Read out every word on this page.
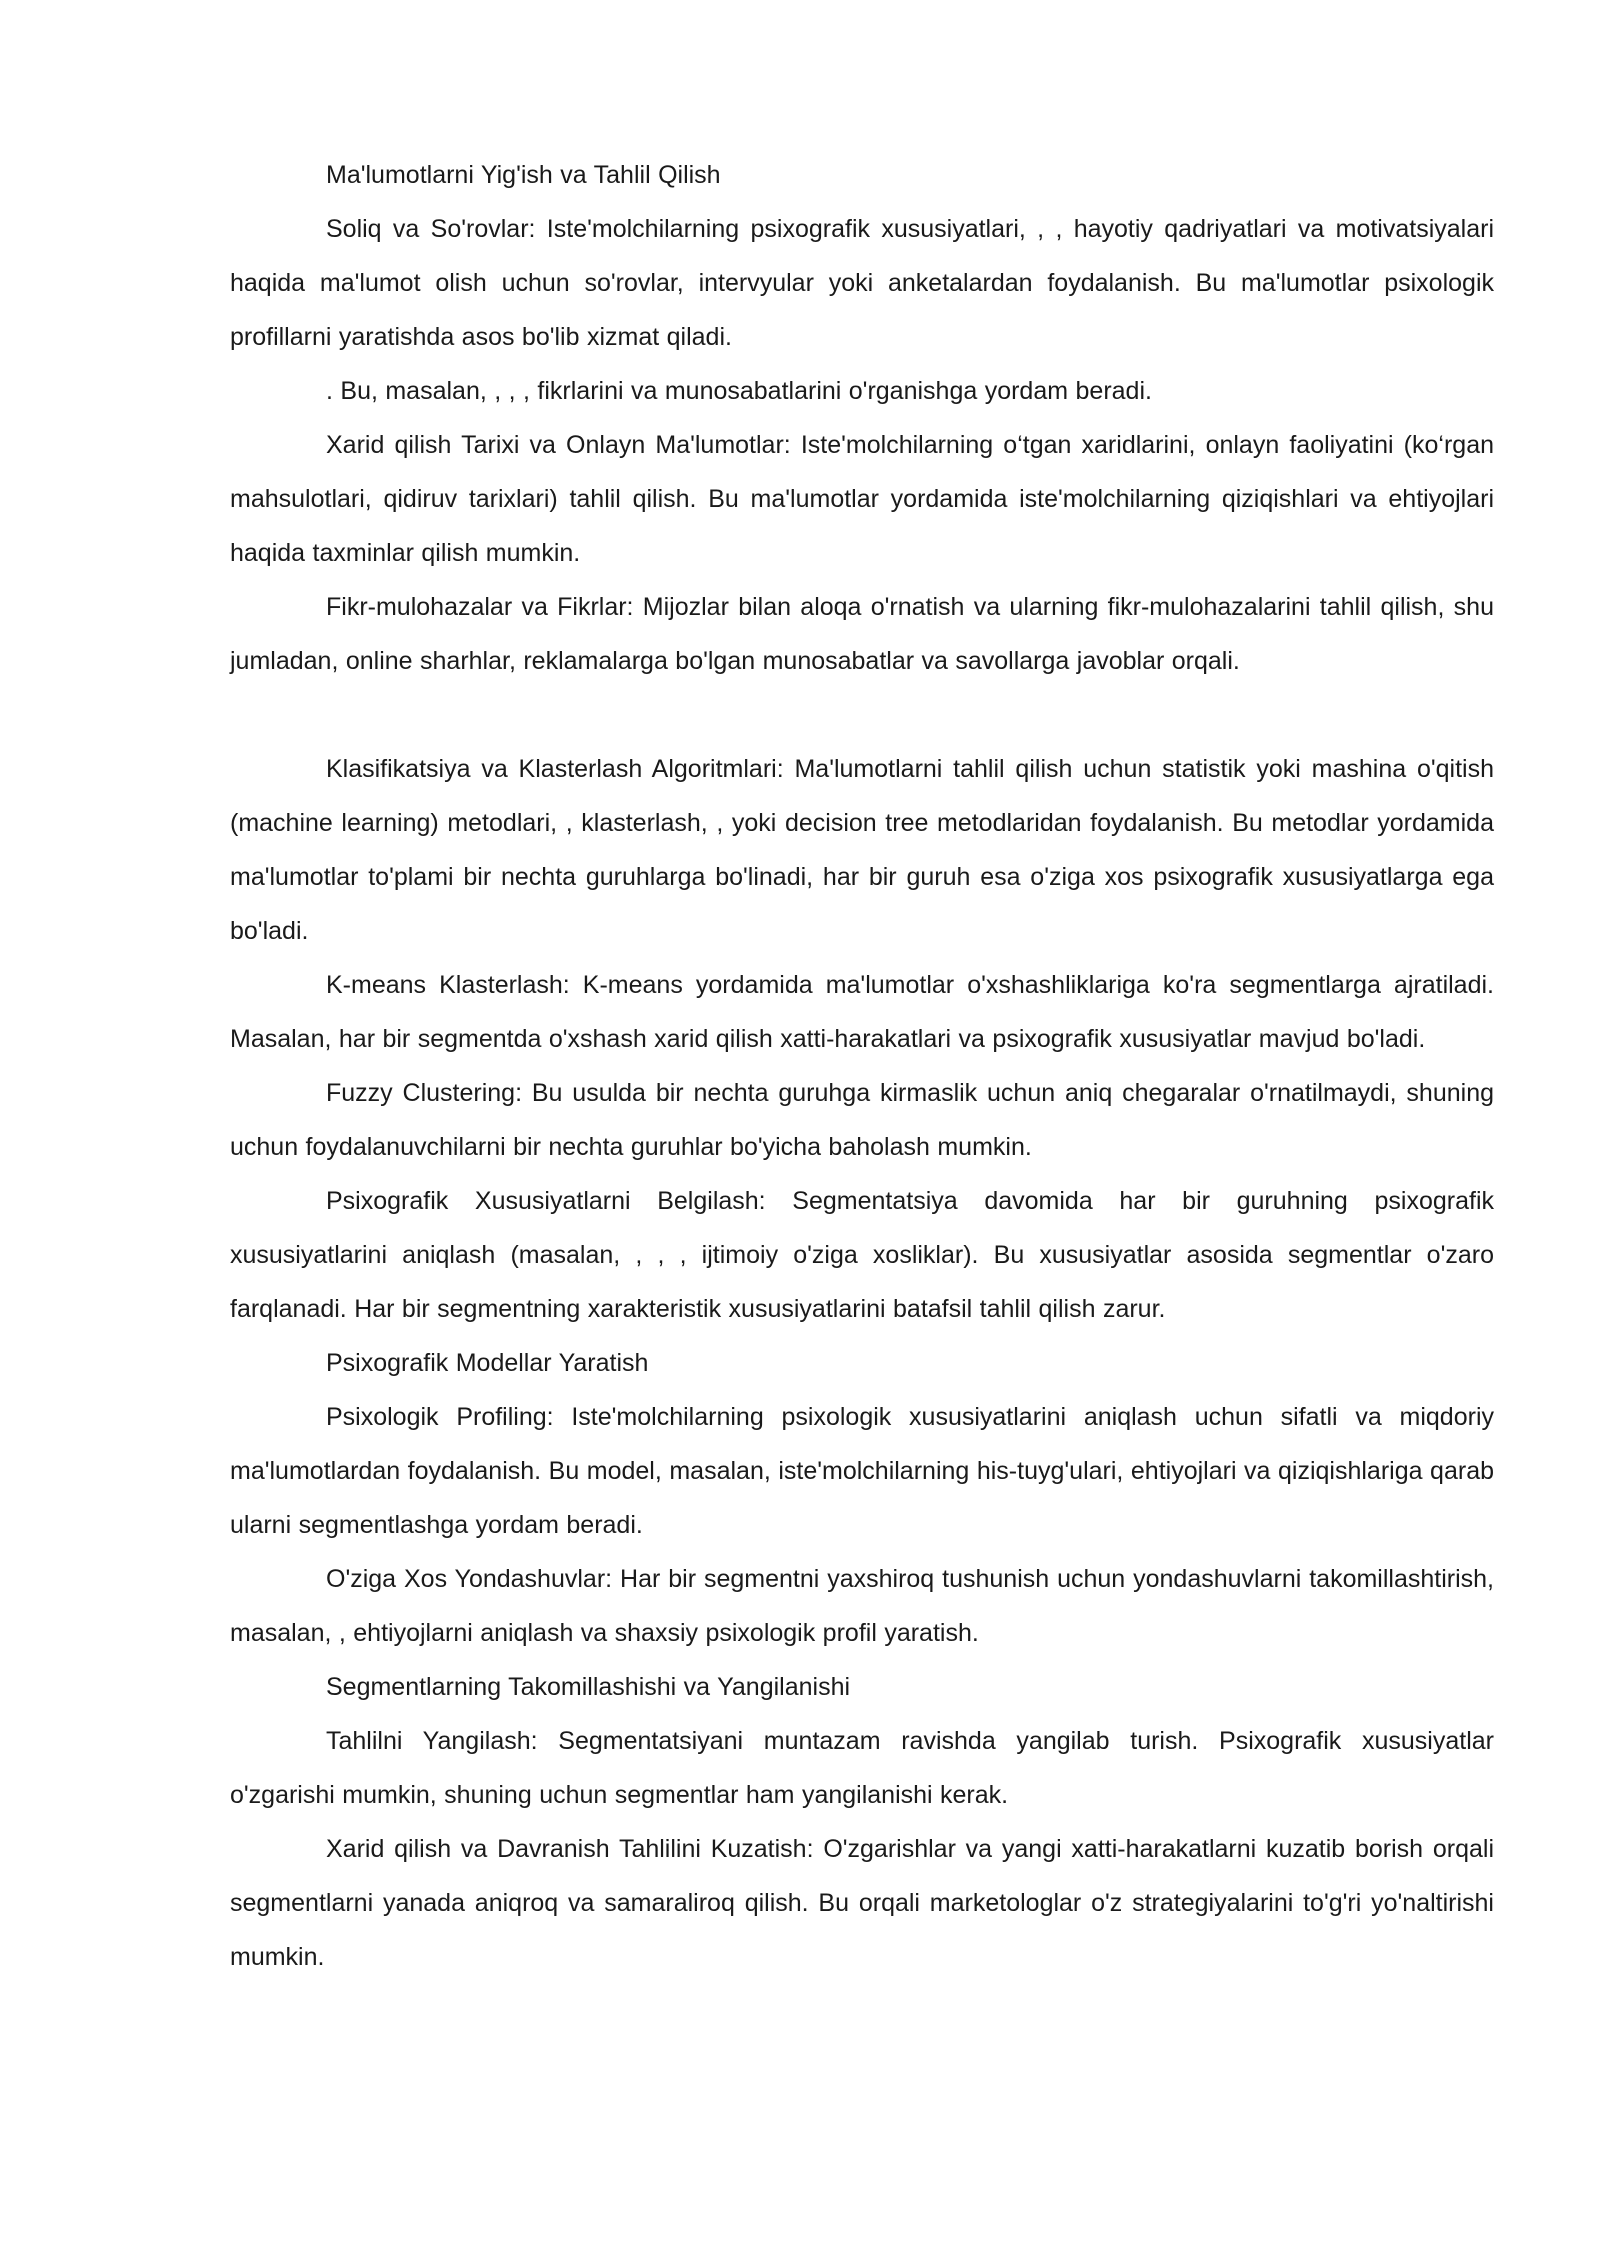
Ma'lumotlarni Yig'ish va Tahlil Qilish

Soliq va So'rovlar: Iste'molchilarning psixografik xususiyatlari, , , hayotiy qadriyatlari va motivatsiyalari haqida ma'lumot olish uchun so'rovlar, intervyular yoki anketalardan foydalanish. Bu ma'lumotlar psixologik profillarni yaratishda asos bo'lib xizmat qiladi.

. Bu, masalan, , , , fikrlarini va munosabatlarini o'rganishga yordam beradi.

Xarid qilish Tarixi va Onlayn Ma'lumotlar: Iste'molchilarning o‘tgan xaridlarini, onlayn faoliyatini (ko‘rgan mahsulotlari, qidiruv tarixlari) tahlil qilish. Bu ma'lumotlar yordamida iste'molchilarning qiziqishlari va ehtiyojlari haqida taxminlar qilish mumkin.

Fikr-mulohazalar va Fikrlar: Mijozlar bilan aloqa o'rnatish va ularning fikr-mulohazalarini tahlil qilish, shu jumladan, online sharhlar, reklamalarga bo'lgan munosabatlar va savollarga javoblar orqali.

Klasifikatsiya va Klasterlash Algoritmlari: Ma'lumotlarni tahlil qilish uchun statistik yoki mashina o'qitish (machine learning) metodlari, , klasterlash, , yoki decision tree metodlaridan foydalanish. Bu metodlar yordamida ma'lumotlar to'plami bir nechta guruhlarga bo'linadi, har bir guruh esa o'ziga xos psixografik xususiyatlarga ega bo'ladi.

K-means Klasterlash: K-means yordamida ma'lumotlar o'xshashliklariga ko'ra segmentlarga ajratiladi. Masalan, har bir segmentda o'xshash xarid qilish xatti-harakatlari va psixografik xususiyatlar mavjud bo'ladi.

Fuzzy Clustering: Bu usulda bir nechta guruhga kirmaslik uchun aniq chegaralar o'rnatilmaydi, shuning uchun foydalanuvchilarni bir nechta guruhlar bo'yicha baholash mumkin.

Psixografik Xususiyatlarni Belgilash: Segmentatsiya davomida har bir guruhning psixografik xususiyatlarini aniqlash (masalan, , , , ijtimoiy o'ziga xosliklar). Bu xususiyatlar asosida segmentlar o'zaro farqlanadi. Har bir segmentning xarakteristik xususiyatlarini batafsil tahlil qilish zarur.

Psixografik Modellar Yaratish

Psixologik Profiling: Iste'molchilarning psixologik xususiyatlarini aniqlash uchun sifatli va miqdoriy ma'lumotlardan foydalanish. Bu model, masalan, iste'molchilarning his-tuyg'ulari, ehtiyojlari va qiziqishlariga qarab ularni segmentlashga yordam beradi.

O'ziga Xos Yondashuvlar: Har bir segmentni yaxshiroq tushunish uchun yondashuvlarni takomillashtirish, masalan, , ehtiyojlarni aniqlash va shaxsiy psixologik profil yaratish.

Segmentlarning Takomillashishi va Yangilanishi

Tahlilni Yangilash: Segmentatsiyani muntazam ravishda yangilab turish. Psixografik xususiyatlar o'zgarishi mumkin, shuning uchun segmentlar ham yangilanishi kerak.

Xarid qilish va Davranish Tahlilini Kuzatish: O'zgarishlar va yangi xatti-harakatlarni kuzatib borish orqali segmentlarni yanada aniqroq va samaraliroq qilish. Bu orqali marketologlar o'z strategiyalarini to'g'ri yo'naltirishi mumkin.
